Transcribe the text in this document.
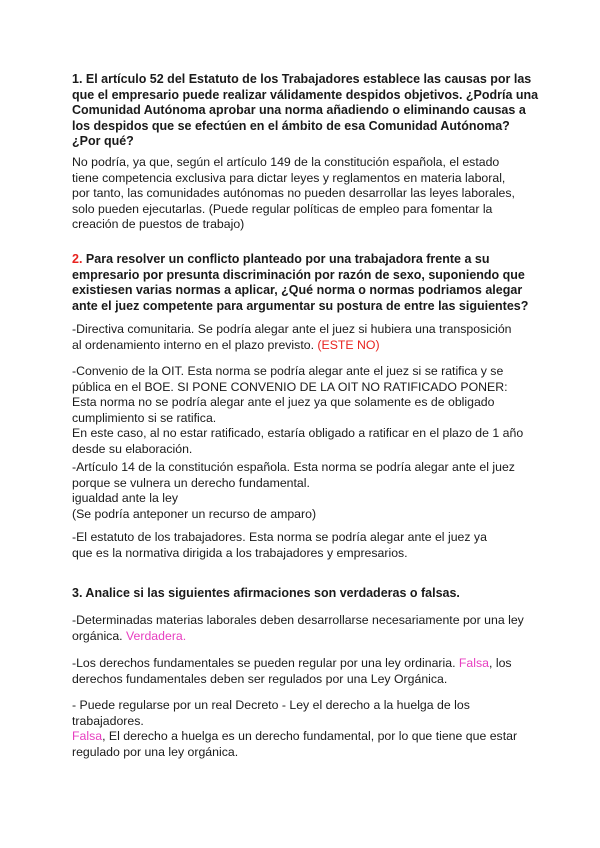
1. El artículo 52 del Estatuto de los Trabajadores establece las causas por las
que el empresario puede realizar válidamente despidos objetivos. ¿Podría una
Comunidad Autónoma aprobar una norma añadiendo o eliminando causas a
los despidos que se efectúen en el ámbito de esa Comunidad Autónoma?
¿Por qué?

No podría, ya que, según el artículo 149 de la constitución española, el estado
tiene competencia exclusiva para dictar leyes y reglamentos en materia laboral,
por tanto, las comunidades autónomas no pueden desarrollar las leyes laborales,
solo pueden ejecutarlas. (Puede regular políticas de empleo para fomentar la
creación de puestos de trabajo)

2. Para resolver un conflicto planteado por una trabajadora frente a su
empresario por presunta discriminación por razón de sexo, suponiendo que
existiesen varias normas a aplicar, ¿Qué norma o normas podriamos alegar
ante el juez competente para argumentar su postura de entre las siguientes?

-Directiva comunitaria. Se podría alegar ante el juez si hubiera una transposición
al ordenamiento interno en el plazo previsto. (ESTE NO)

-Convenio de la OIT. Esta norma se podría alegar ante el juez si se ratifica y se
pública en el BOE. SI PONE CONVENIO DE LA OIT NO RATIFICADO PONER:
Esta norma no se podría alegar ante el juez ya que solamente es de obligado
cumplimiento si se ratifica.
En este caso, al no estar ratificado, estaría obligado a ratificar en el plazo de 1 año
desde su elaboración.

-Artículo 14 de la constitución española. Esta norma se podría alegar ante el juez
porque se vulnera un derecho fundamental.
igualdad ante la ley
(Se podría anteponer un recurso de amparo)

-El estatuto de los trabajadores. Esta norma se podría alegar ante el juez ya
que es la normativa dirigida a los trabajadores y empresarios.

3. Analice si las siguientes afirmaciones son verdaderas o falsas.

-Determinadas materias laborales deben desarrollarse necesariamente por una ley
orgánica. Verdadera.

-Los derechos fundamentales se pueden regular por una ley ordinaria. Falsa, los
derechos fundamentales deben ser regulados por una Ley Orgánica.

- Puede regularse por un real Decreto - Ley el derecho a la huelga de los
trabajadores.
Falsa, El derecho a huelga es un derecho fundamental, por lo que tiene que estar
regulado por una ley orgánica.
